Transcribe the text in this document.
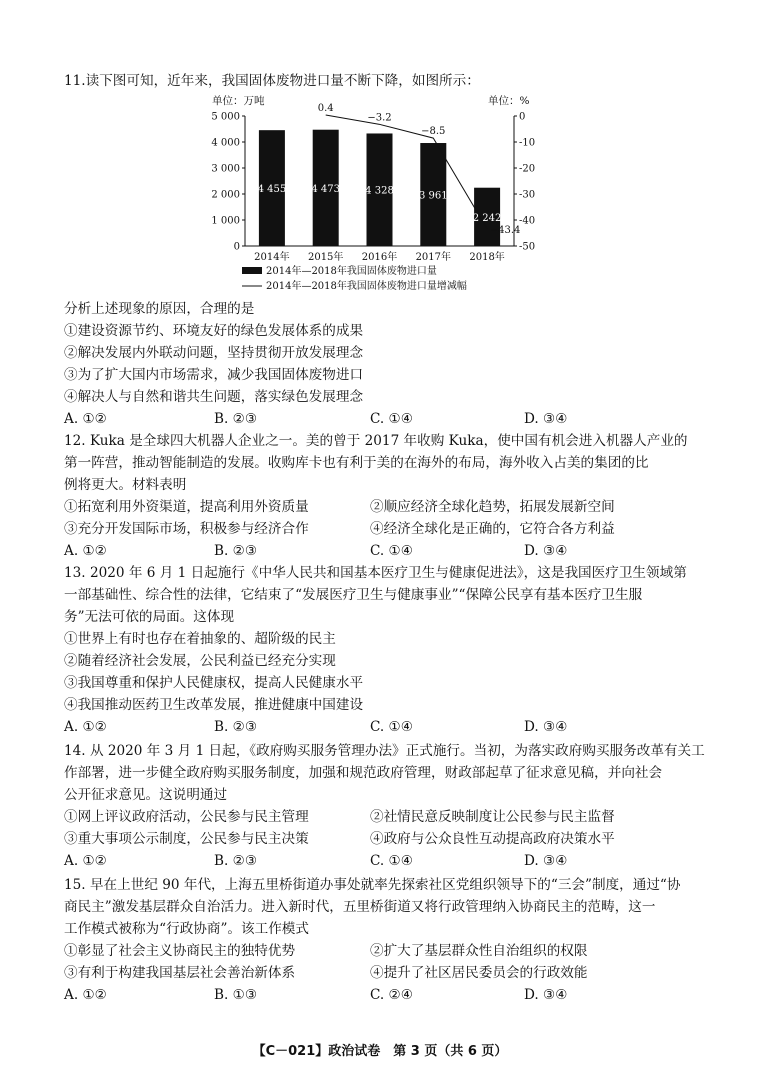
11.读下图可知，近年来，我国固体废物进口量不断下降，如图所示：
单位：万吨	单位：%
5 000
4 000
3 000
2 000
1 000
0
0
-10
-20
-30
-40
-50
4 455	4 473	4 328	3 961
2 242
0.4
−3.2
−8.5
−43.4
2014年 2015年 2016年 2017年 2018年
2014年—2018年我国固体废物进口量
2014年—2018年我国固体废物进口量增减幅
分析上述现象的原因，合理的是
①建设资源节约、环境友好的绿色发展体系的成果
②解决发展内外联动问题，坚持贯彻开放发展理念
③为了扩大国内市场需求，减少我国固体废物进口
④解决人与自然和谐共生问题，落实绿色发展理念
A. ①②	B. ②③	C. ①④	D. ③④
12. Kuka 是全球四大机器人企业之一。美的曾于 2017 年收购 Kuka，使中国有机会进入机器人产业的
第一阵营，推动智能制造的发展。收购库卡也有利于美的在海外的布局，海外收入占美的集团的比
例将更大。材料表明
①拓宽利用外资渠道，提高利用外资质量	②顺应经济全球化趋势，拓展发展新空间
③充分开发国际市场，积极参与经济合作	④经济全球化是正确的，它符合各方利益
A. ①②	B. ②③	C. ①④	D. ③④
13. 2020 年 6 月 1 日起施行《中华人民共和国基本医疗卫生与健康促进法》，这是我国医疗卫生领域第
一部基础性、综合性的法律，它结束了“发展医疗卫生与健康事业”“保障公民享有基本医疗卫生服
务”无法可依的局面。这体现
①世界上有时也存在着抽象的、超阶级的民主
②随着经济社会发展，公民利益已经充分实现
③我国尊重和保护人民健康权，提高人民健康水平
④我国推动医药卫生改革发展，推进健康中国建设
A. ①②	B. ②③	C. ①④	D. ③④
14. 从 2020 年 3 月 1 日起，《政府购买服务管理办法》正式施行。当初，为落实政府购买服务改革有关工
作部署，进一步健全政府购买服务制度，加强和规范政府管理，财政部起草了征求意见稿，并向社会
公开征求意见。这说明通过
①网上评议政府活动，公民参与民主管理	②社情民意反映制度让公民参与民主监督
③重大事项公示制度，公民参与民主决策	④政府与公众良性互动提高政府决策水平
A. ①②	B. ②③	C. ①④	D. ③④
15. 早在上世纪 90 年代，上海五里桥街道办事处就率先探索社区党组织领导下的“三会”制度，通过“协
商民主”激发基层群众自治活力。进入新时代，五里桥街道又将行政管理纳入协商民主的范畴，这一
工作模式被称为“行政协商”。该工作模式
①彰显了社会主义协商民主的独特优势	②扩大了基层群众性自治组织的权限
③有利于构建我国基层社会善治新体系	④提升了社区居民委员会的行政效能
A. ①②	B. ①③	C. ②④	D. ③④
【C－021】政治试卷　第 3 页（共 6 页）
